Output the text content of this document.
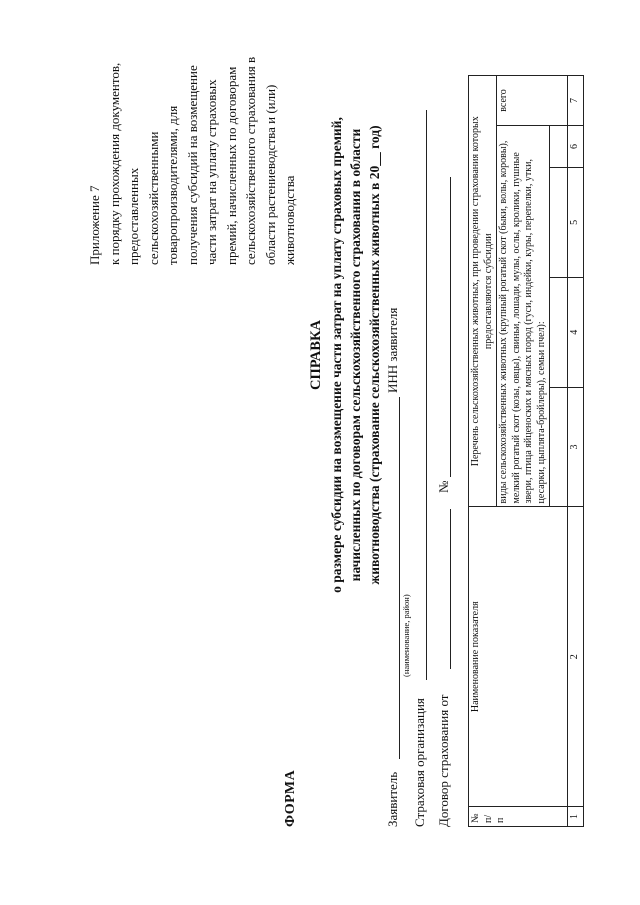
Приложение 7 к порядку прохождения документов, предоставленных сельскохозяйственными товаропроизводителями, для получения субсидий на возмещение части затрат на уплату страховых премий, начисленных по договорам сельскохозяйственного страхования в области растениеводства и (или) животноводства
ФОРМА
СПРАВКА о размере субсидии на возмещение части затрат на уплату страховых премий, начисленных по договорам сельскохозяйственного страхования в области животноводства (страхование сельскохозяйственных животных в 20__ год)
Заявитель
(наименование, район)
ИНН заявителя
Страховая организация Договор страхования от
№
№ п/п	Наименование показателя	Перечень сельскохозяйственных животных, при проведении страхования которых предоставляются субсидии				
		виды сельскохозяйственных животных (крупный рогатый скот (быки, волы, коровы), мелкий рогатый скот (козы, овцы), свиньи, лошади, мулы, ослы, кролики, пушные звери, птица яйценоских и мясных пород (гуси, индейки, куры, перепелки, утки, цесарки, цыплята-бройлеры), семьи пчел):				всего

1	2	3	4	5	6	7
